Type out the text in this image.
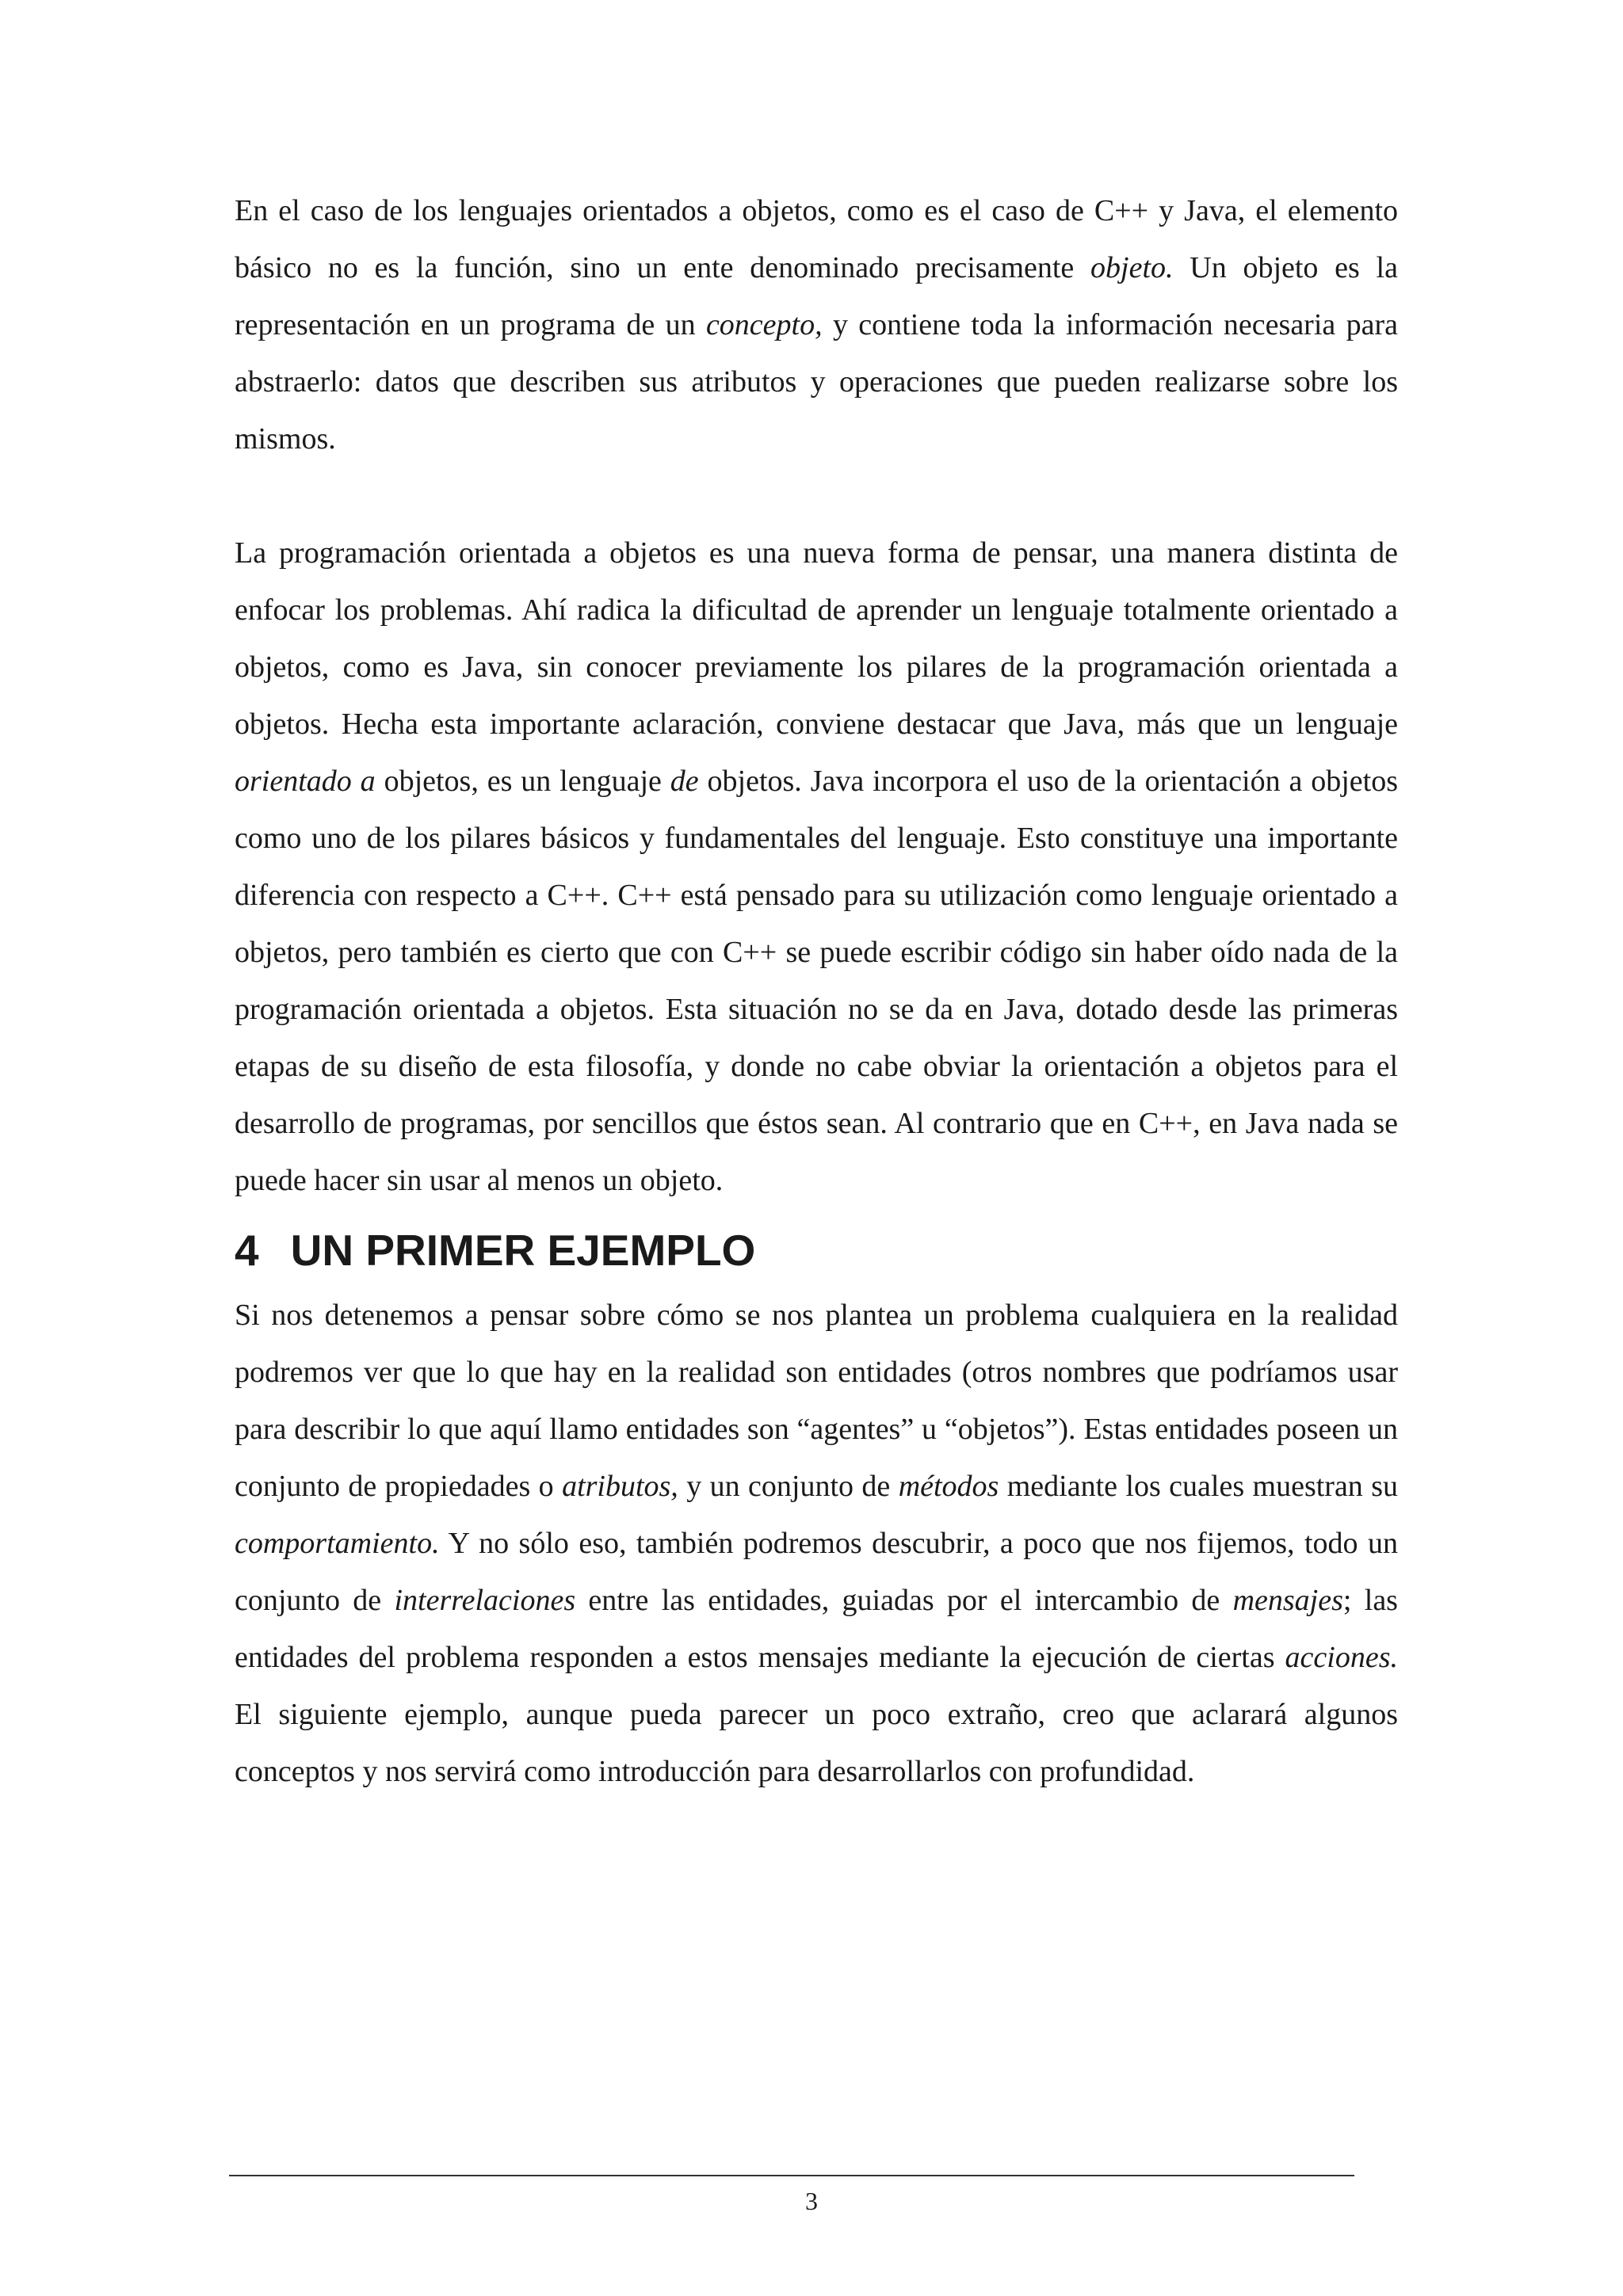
En el caso de los lenguajes orientados a objetos, como es el caso de C++ y Java, el elemento básico no es la función, sino un ente denominado precisamente objeto. Un objeto es la representación en un programa de un concepto, y contiene toda la información necesaria para abstraerlo: datos que describen sus atributos y operaciones que pueden realizarse sobre los mismos.

La programación orientada a objetos es una nueva forma de pensar, una manera distinta de enfocar los problemas. Ahí radica la dificultad de aprender un lenguaje totalmente orientado a objetos, como es Java, sin conocer previamente los pilares de la programación orientada a objetos. Hecha esta importante aclaración, conviene destacar que Java, más que un lenguaje orientado a objetos, es un lenguaje de objetos. Java incorpora el uso de la orientación a objetos como uno de los pilares básicos y fundamentales del lenguaje. Esto constituye una importante diferencia con respecto a C++. C++ está pensado para su utilización como lenguaje orientado a objetos, pero también es cierto que con C++ se puede escribir código sin haber oído nada de la programación orientada a objetos. Esta situación no se da en Java, dotado desde las primeras etapas de su diseño de esta filosofía, y donde no cabe obviar la orientación a objetos para el desarrollo de programas, por sencillos que éstos sean. Al contrario que en C++, en Java nada se puede hacer sin usar al menos un objeto.

4 UN PRIMER EJEMPLO

Si nos detenemos a pensar sobre cómo se nos plantea un problema cualquiera en la realidad podremos ver que lo que hay en la realidad son entidades (otros nombres que podríamos usar para describir lo que aquí llamo entidades son “agentes” u “objetos”). Estas entidades poseen un conjunto de propiedades o atributos, y un conjunto de métodos mediante los cuales muestran su comportamiento. Y no sólo eso, también podremos descubrir, a poco que nos fijemos, todo un conjunto de interrelaciones entre las entidades, guiadas por el intercambio de mensajes; las entidades del problema responden a estos mensajes mediante la ejecución de ciertas acciones. El siguiente ejemplo, aunque pueda parecer un poco extraño, creo que aclarará algunos conceptos y nos servirá como introducción para desarrollarlos con profundidad.

3
